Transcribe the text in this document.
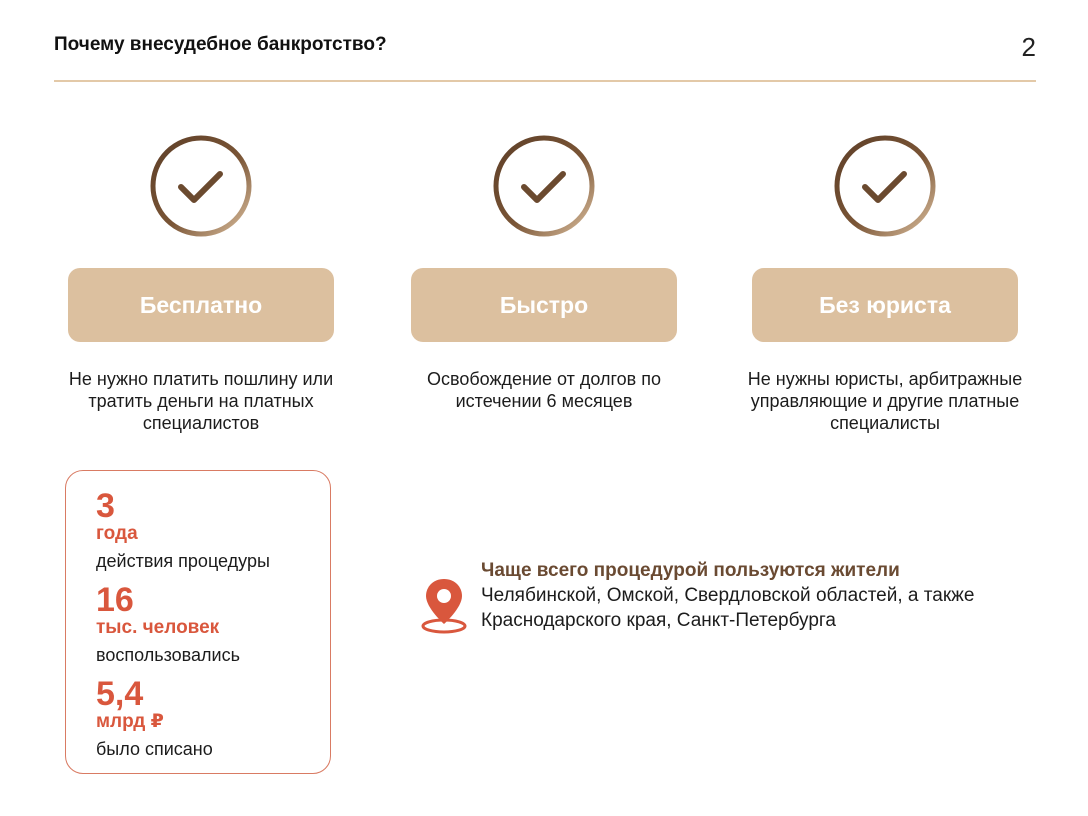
Почему внесудебное банкротство?	2
Бесплатно
Не нужно платить пошлину или тратить деньги на платных специалистов
Быстро
Освобождение от долгов по истечении 6 месяцев
Без юриста
Не нужны юристы, арбитражные управляющие и другие платные специалисты
3
года
действия процедуры
16
тыс. человек
воспользовались
5,4
млрд ₽
было списано
Чаще всего процедурой пользуются жители
Челябинской, Омской, Свердловской областей, а также Краснодарского края, Санкт-Петербурга
